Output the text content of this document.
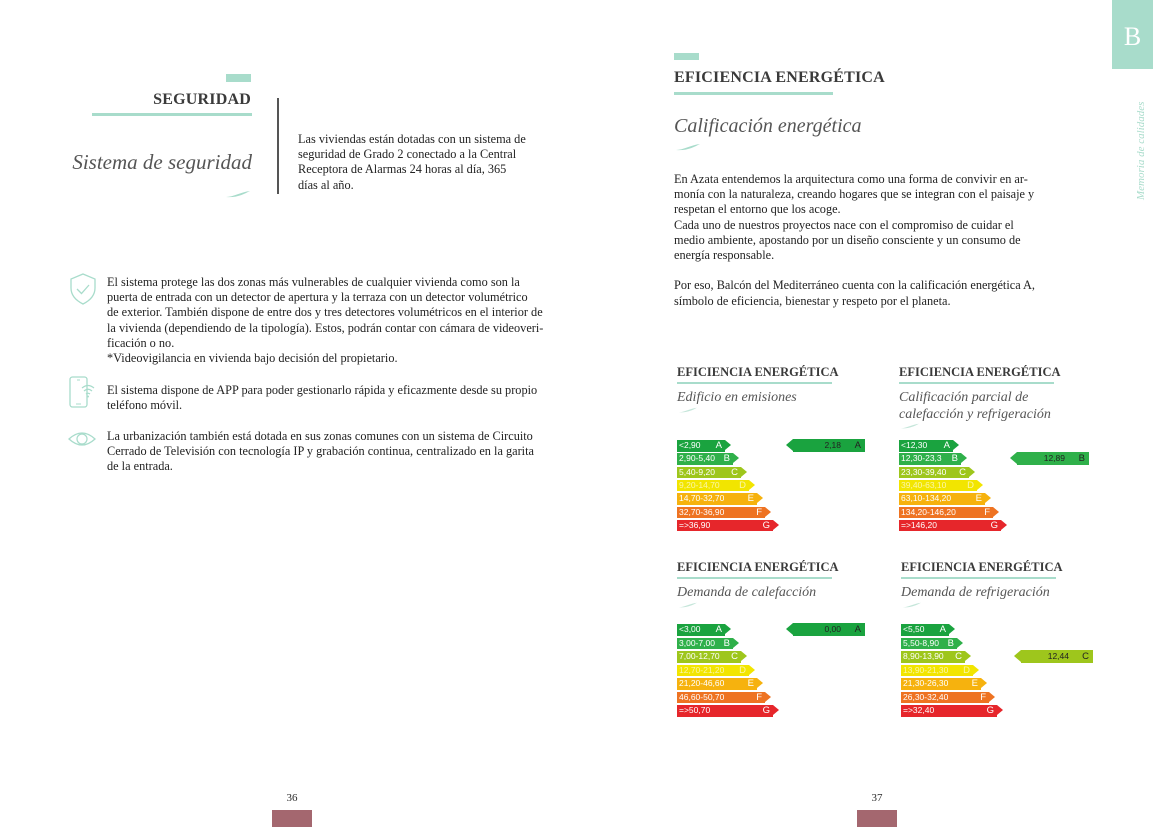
SEGURIDAD
Sistema de seguridad
Las viviendas están dotadas con un sistema de seguridad de Grado 2 conectado a la Central Receptora de Alarmas 24 horas al día, 365 días al año.
El sistema protege las dos zonas más vulnerables de cualquier vivienda como son la
puerta de entrada con un detector de apertura y la terraza con un detector volumétrico
de exterior. También dispone de entre dos y tres detectores volumétricos en el interior de
la vivienda (dependiendo de la tipología). Estos, podrán contar con cámara de videoveri-
ficación o no.
*Videovigilancia en vivienda bajo decisión del propietario.
El sistema dispone de APP para poder gestionarlo rápida y eficazmente desde su propio
teléfono móvil.
La urbanización también está dotada en sus zonas comunes con un sistema de Circuito
Cerrado de Televisión con tecnología IP y grabación continua, centralizado en la garita
de la entrada.
36
EFICIENCIA ENERGÉTICA
Calificación energética
En Azata entendemos la arquitectura como una forma de convivir en ar-
monía con la naturaleza, creando hogares que se integran con el paisaje y
respetan el entorno que los acoge.
Cada uno de nuestros proyectos nace con el compromiso de cuidar el
medio ambiente, apostando por un diseño consciente y un consumo de
energía responsable.
Por eso, Balcón del Mediterráneo cuenta con la calificación energética A,
símbolo de eficiencia, bienestar y respeto por el planeta.
B
Memoria de calidades
EFICIENCIA ENERGÉTICA
Edificio en emisiones
<2,90 A
2,90-5,40 B
5,40-9,20 C
9,20-14,70 D
14,70-32,70 E
32,70-36,90	F
=>36,90	G
2,18 A
EFICIENCIA ENERGÉTICA
Calificación parcial de
calefacción y refrigeración
<12,30 A
12,30-23,3 B
23,30-39,40 C
39,40-63,10 D
63,10-134,20	E
134,20-146,20	F
=>146,20	G
12,89 B
EFICIENCIA ENERGÉTICA
Demanda de calefacción
<3,00 A
3,00-7,00 B
7,00-12,70 C
12,70-21,20 D
21,20-46,60 E
46,60-50,70	F
=>50,70	G
0,00 A
EFICIENCIA ENERGÉTICA
Demanda de refrigeración
<5,50 A
5,50-8,90 B
8,90-13,90 C
13,90-21,30 D
21,30-26,30 E
26,30-32,40	F
=>32,40	G
12,44 C
37
